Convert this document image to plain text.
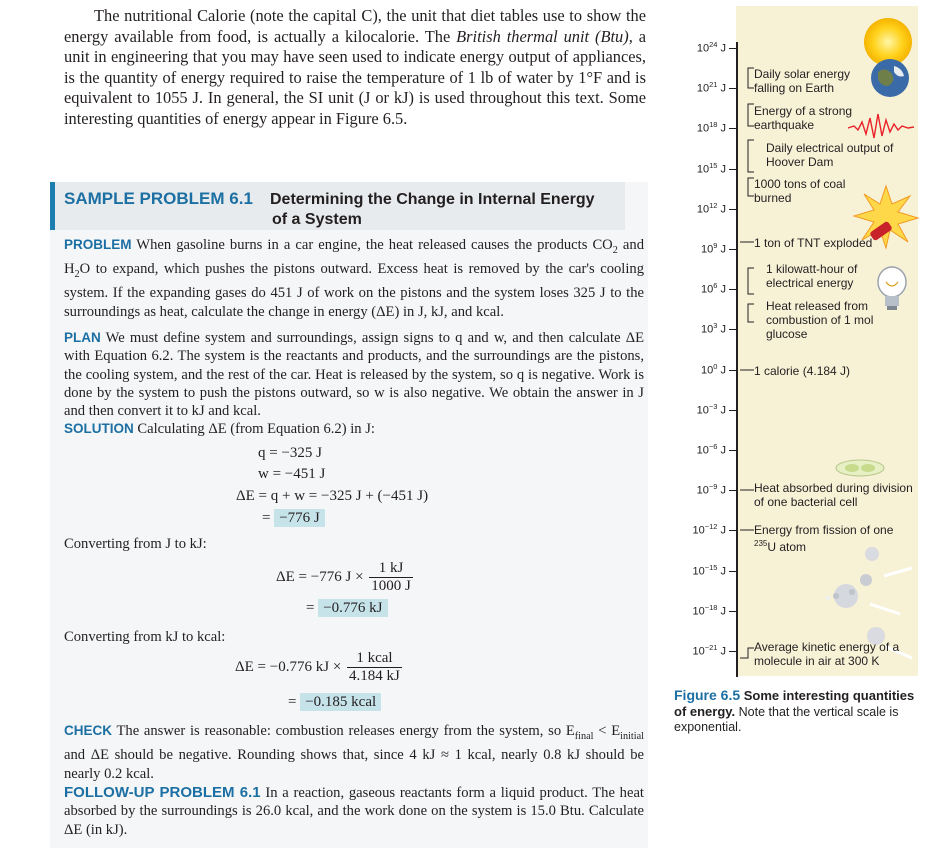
The nutritional Calorie (note the capital C), the unit that diet tables use to show the energy available from food, is actually a kilocalorie. The British thermal unit (Btu), a unit in engineering that you may have seen used to indicate energy output of appliances, is the quantity of energy required to raise the temperature of 1 lb of water by 1°F and is equivalent to 1055 J. In general, the SI unit (J or kJ) is used throughout this text. Some interesting quantities of energy appear in Figure 6.5.

SAMPLE PROBLEM 6.1 Determining the Change in Internal Energy
of a System
PROBLEM When gasoline burns in a car engine, the heat released causes the products $CO_2$ and $H_2O$ to expand, which pushes the pistons outward. Excess heat is removed by the car's cooling system. If the expanding gases do 451 J of work on the pistons and the system loses 325 J to the surroundings as heat, calculate the change in energy (ΔE) in J, kJ, and kcal.
PLAN We must define system and surroundings, assign signs to q and w, and then calculate ΔE with Equation 6.2. The system is the reactants and products, and the surroundings are the pistons, the cooling system, and the rest of the car. Heat is released by the system, so q is negative. Work is done by the system to push the pistons outward, so w is also negative. We obtain the answer in J and then convert it to kJ and kcal.
SOLUTION Calculating ΔE (from Equation 6.2) in J:
q = −325 J
w = −451 J
ΔE = q + w = −325 J + (−451 J)
= −776 J
Converting from J to kJ:
ΔE = −776 $J \times \frac{1 kJ}{1000 J}$
= −0.776 kJ
Converting from kJ to kcal:
ΔE = −0.776 kJ × $\frac{\text{1 kcal}}{4.184 kJ}$
= −0.185 kcal
CHECK The answer is reasonable: combustion releases energy from the system, so $E_{final} < E_{initial}$ and ΔE should be negative. Rounding shows that, since 4 kJ ≈ 1 kcal, nearly 0.8 kJ should be nearly 0.2 kcal.
FOLLOW-UP PROBLEM 6.1 In a reaction, gaseous reactants form a liquid product. The heat absorbed by the surroundings is 26.0 kcal, and the work done on the system is 15.0 Btu. Calculate ΔE (in kJ).
$10^{24}$ J
$10^{21}$ J
$10^{18}$ J
$10^{15}$ J
$10^{12}$ J
$10^9$ J
$10^6$ J
$10^3$ J
$10^0$ J
$10^{-3}$ J
$10^{-6}$ J
$10^{-9}$ J
$10^{-12}$ J
$10^{-15}$ J
$10^{-18}$ J
$10^{-21}$ J
Daily solar energy falling on Earth
Energy of a strong earthquake
Daily electrical output of Hoover Dam
1000 tons of coal burned
1 ton of TNT exploded
1 kilowatt-hour of electrical energy
Heat released from combustion of 1 mol glucose
1 calorie (4.184 J)
Heat absorbed during division of one bacterial cell
Energy from fission of one $^{235}$U atom
Average kinetic energy of a molecule in air at 300 K
Figure 6.5 Some interesting quantities of energy. Note that the vertical scale is exponential.
